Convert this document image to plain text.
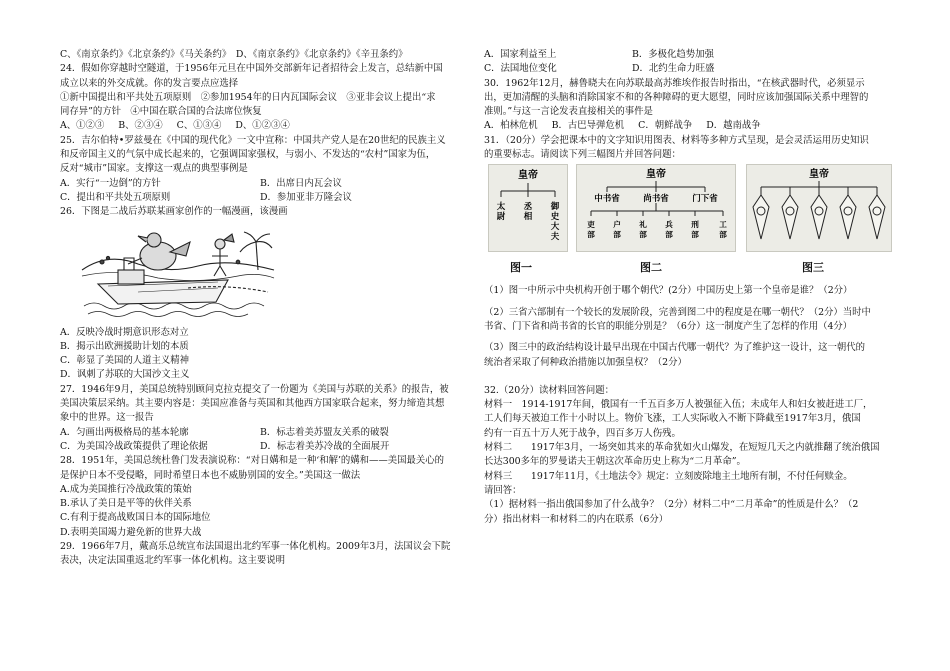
C、《南京条约》《北京条约》《马关条约》　D、《南京条约》《北京条约》《辛丑条约》
24．假如你穿越时空隧道，于1956年元旦在中国外交部新年记者招待会上发言，总结新中国
成立以来的外交成就。你的发言要点应选择
①新中国提出和平共处五项原则　②参加1954年的日内瓦国际会议　③亚非会议上提出“求
同存异”的方针　④中国在联合国的合法席位恢复
A、①②③ B、②③④ C、①③④ D、①②③④
25．吉尔伯特•罗兹曼在《中国的现代化》一文中宣称：中国共产党人是在20世纪的民族主义
和反帝国主义的气氛中成长起来的，它强调国家强权，与弱小、不发达的“农村”国家为伍，
反对“城市”国家。支撑这一观点的典型事例是
A．实行“一边倒”的方针	B．出席日内瓦会议
C．提出和平共处五项原则	D．参加亚非万隆会议
26．下图是二战后苏联某画家创作的一幅漫画，该漫画
A．反映冷战时期意识形态对立
B．揭示出欧洲援助计划的本质
C．彰显了美国的人道主义精神
D．讽刺了苏联的大国沙文主义
27．1946年9月，美国总统特别顾问克拉克提交了一份题为《美国与苏联的关系》的报告，被
美国决策层采纳。其主要内容是：美国应准备与英国和其他西方国家联合起来，努力缔造其想
象中的世界。这一报告
A．匀画出两极格局的基本轮廓	B．标志着美苏盟友关系的破裂
C．为美国冷战政策提供了理论依据	D．标志着美苏冷战的全面展开
28．1951年，美国总统杜鲁门发表演说称：“对日媾和是一种‘和解’的媾和——美国最关心的
是保护日本不受侵略，同时希望日本也不威胁别国的安全。”美国这一做法
A.成为美国推行冷战政策的策始
B.承认了美日是平等的伙伴关系
C.有利于提高战败国日本的国际地位
D.表明美国竭力避免新的世界大战
29．1966年7月，戴高乐总统宣布法国退出北约军事一体化机构。2009年3月，法国议会下院
表决，决定法国重返北约军事一体化机构。这主要说明
A．国家利益至上	B．多极化趋势加强
C．法国地位变化	D．北约生命力旺盛
30．1962年12月，赫鲁晓夫在向苏联最高苏维埃作报告时指出，“在核武器时代，必须显示
出，更加清醒的头脑和消除国家不和的各种障碍的更大愿望，同时应该加强国际关系中理智的
准则。”与这一言论发表直接相关的事件是
A．柏林危机 B．古巴导弹危机 C．朝鲜战争 D．越南战争
31．（20分）学会把课本中的文字知识用图表、材料等多种方式呈现，是会灵活运用历史知识
的重要标志。请阅读下列三幅图片并回答问题：
皇帝
太尉
丞相
御史大夫
皇帝
中书省	尚书省	门下省
吏部
户部
礼部
兵部
刑部
工部
皇帝
图一	图二	图三
（1）图一中所示中央机构开创于哪个朝代？(2分）中国历史上第一个皇帝是谁？（2分）
（2）三省六部制有一个较长的发展阶段，完善到图二中的程度是在哪一朝代？（2分）当时中
书省、门下省和尚书省的长官的职能分别是？（6分）这一制度产生了怎样的作用（4分）
（3）图三中的政治结构设计最早出现在中国古代哪一朝代？为了维护这一设计，这一朝代的
统治者采取了何种政治措施以加强皇权？（2分）
32.（20分）读材料回答问题：
材料一　1914-1917年间，俄国有一千五百多万人被强征入伍；未成年人和妇女被赶进工厂，
工人们每天被迫工作十小时以上。物价飞涨，工人实际收入不断下降截至1917年3月，俄国
约有一百五十万人死于战争，四百多万人伤残。
材料二　　1917年3月，一场突如其来的革命犹如火山爆发，在短短几天之内就推翻了统治俄国
长达300多年的罗曼诺夫王朝这次革命历史上称为“二月革命”。
材料三　　1917年11月，《土地法令》规定：立刻废除地主土地所有制，不付任何赎金。
请回答：
（1）据材料一指出俄国参加了什么战争？（2分）材料二中“二月革命”的性质是什么？（2
分）指出材料一和材料二的内在联系（6分）
